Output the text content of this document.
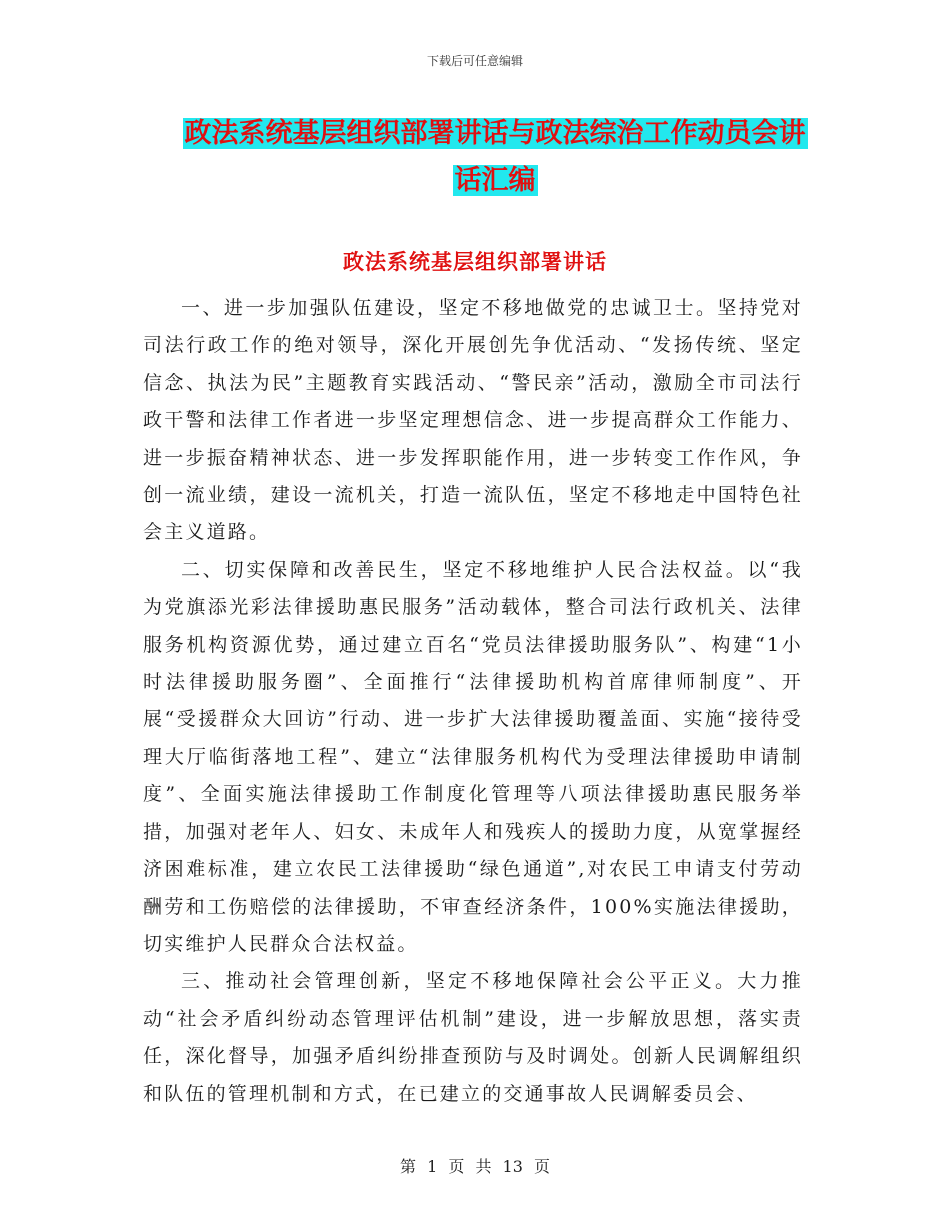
下载后可任意编辑
政法系统基层组织部署讲话与政法综治工作动员会讲
话汇编
政法系统基层组织部署讲话

一、进一步加强队伍建设，坚定不移地做党的忠诚卫士。坚持党对司法行政工作的绝对领导，深化开展创先争优活动、“发扬传统、坚定信念、执法为民”主题教育实践活动、“警民亲”活动，激励全市司法行政干警和法律工作者进一步坚定理想信念、进一步提高群众工作能力、进一步振奋精神状态、进一步发挥职能作用，进一步转变工作作风，争创一流业绩，建设一流机关，打造一流队伍，坚定不移地走中国特色社会主义道路。

二、切实保障和改善民生，坚定不移地维护人民合法权益。以“我为党旗添光彩法律援助惠民服务”活动载体，整合司法行政机关、法律服务机构资源优势，通过建立百名“党员法律援助服务队”、构建“1小时法律援助服务圈”、全面推行“法律援助机构首席律师制度”、开展“受援群众大回访”行动、进一步扩大法律援助覆盖面、实施“接待受理大厅临街落地工程”、建立“法律服务机构代为受理法律援助申请制度”、全面实施法律援助工作制度化管理等八项法律援助惠民服务举措，加强对老年人、妇女、未成年人和残疾人的援助力度，从宽掌握经济困难标准，建立农民工法律援助“绿色通道”,对农民工申请支付劳动酬劳和工伤赔偿的法律援助，不审查经济条件，100%实施法律援助，切实维护人民群众合法权益。

三、推动社会管理创新，坚定不移地保障社会公平正义。大力推动“社会矛盾纠纷动态管理评估机制”建设，进一步解放思想，落实责任，深化督导，加强矛盾纠纷排查预防与及时调处。创新人民调解组织和队伍的管理机制和方式，在已建立的交通事故人民调解委员会、

第 1 页 共 13 页
